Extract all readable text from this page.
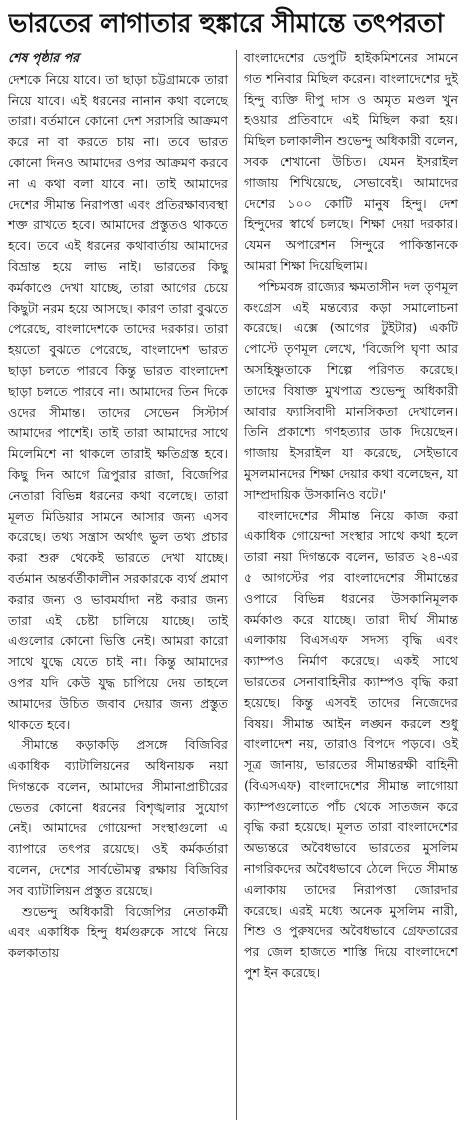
ভারতের লাগাতার হুঙ্কারে সীমান্তে তৎপরতা
শেষ পৃষ্ঠার পর

দেশকে নিয়ে যাবে। তা ছাড়া চট্টগ্রামকে তারা নিয়ে যাবে। এই ধরনের নানান কথা বলেছে তারা। বর্তমানে কোনো দেশ সরাসরি আক্রমণ করে না বা করতে চায় না। তবে ভারত কোনো দিনও আমাদের ওপর আক্রমণ করবে না এ কথা বলা যাবে না। তাই আমাদের দেশের সীমান্ত নিরাপত্তা এবং প্রতিরক্ষাব্যবস্থা শক্ত রাখতে হবে। আমাদের প্রস্তুতও থাকতে হবে। তবে এই ধরনের কথাবার্তায় আমাদের বিভ্রান্ত হয়ে লাভ নাই। ভারতের কিছু কর্মকাণ্ডে দেখা যাচ্ছে, তারা আগের চেয়ে কিছুটা নরম হয়ে আসছে। কারণ তারা বুঝতে পেরেছে, বাংলাদেশকে তাদের দরকার। তারা হয়তো বুঝতে পেরেছে, বাংলাদেশ ভারত ছাড়া চলতে পারবে কিন্তু ভারত বাংলাদেশ ছাড়া চলতে পারবে না। আমাদের তিন দিকে ওদের সীমান্ত। তাদের সেভেন সিস্টার্স আমাদের পাশেই। তাই তারা আমাদের সাথে মিলেমিশে না থাকলে তারাই ক্ষতিগ্রস্ত হবে। কিছু দিন আগে ত্রিপুরার রাজা, বিজেপির নেতারা বিভিন্ন ধরনের কথা বলেছে। তারা মূলত মিডিয়ার সামনে আসার জন্য এসব করেছে। তথ্য সন্ত্রাস অর্থাৎ ভুল তথ্য প্রচার করা শুরু থেকেই ভারতে দেখা যাচ্ছে। বর্তমান অন্তর্বর্তীকালীন সরকারকে ব্যর্থ প্রমাণ করার জন্য ও ভাবমর্যাদা নষ্ট করার জন্য তারা এই চেষ্টা চালিয়ে যাচ্ছে। তাই এগুলোর কোনো ভিত্তি নেই। আমরা কারো সাথে যুদ্ধে যেতে চাই না। কিন্তু আমাদের ওপর যদি কেউ যুদ্ধ চাপিয়ে দেয় তাহলে আমাদের উচিত জবাব দেয়ার জন্য প্রস্তুত থাকতে হবে।

সীমান্তে কড়াকড়ি প্রসঙ্গে বিজিবির একাধিক ব্যাটালিয়নের অধিনায়ক নয়া দিগন্তকে বলেন, আমাদের সীমানাপ্রাচীরের ভেতর কোনো ধরনের বিশৃঙ্খলার সুযোগ নেই। আমাদের গোয়েন্দা সংস্থাগুলো এ ব্যাপারে তৎপর রয়েছে। ওই কর্মকর্তারা বলেন, দেশের সার্বভৌমত্ব রক্ষায় বিজিবির সব ব্যাটালিয়ন প্রস্তুত রয়েছে।

শুভেন্দু অধিকারী বিজেপির নেতাকর্মী এবং একাধিক হিন্দু ধর্মগুরুকে সাথে নিয়ে কলকাতায়

বাংলাদেশের ডেপুটি হাইকমিশনের সামনে গত শনিবার মিছিল করেন। বাংলাদেশের দুই হিন্দু ব্যক্তি দীপু দাস ও অমৃত মণ্ডল খুন হওয়ার প্রতিবাদে এই মিছিল করা হয়। মিছিল চলাকালীন শুভেন্দু অধিকারী বলেন, সবক শেখানো উচিত। যেমন ইসরাইল গাজায় শিখিয়েছে, সেভাবেই। আমাদের দেশের ১০০ কোটি মানুষ হিন্দু। দেশ হিন্দুদের স্বার্থে চলছে। শিক্ষা দেয়া দরকার। যেমন অপারেশন সিন্দুরে পাকিস্তানকে আমরা শিক্ষা দিয়েছিলাম।

পশ্চিমবঙ্গ রাজ্যের ক্ষমতাসীন দল তৃণমূল কংগ্রেস এই মন্তব্যের কড়া সমালোচনা করেছে। এক্সে (আগের টুইটার) একটি পোস্টে তৃণমূল লেখে, 'বিজেপি ঘৃণা আর অসহিষ্ণুতাকে শিল্পে পরিণত করেছে। তাদের বিষাক্ত মুখপাত্র শুভেন্দু অধিকারী আবার ফ্যাসিবাদী মানসিকতা দেখালেন। তিনি প্রকাশ্যে গণহত্যার ডাক দিয়েছেন। গাজায় ইসরাইল যা করেছে, সেইভাবে মুসলমানদের শিক্ষা দেয়ার কথা বলেছেন, যা সাম্প্রদায়িক উসকানিও বটে।'

বাংলাদেশের সীমান্ত নিয়ে কাজ করা একাধিক গোয়েন্দা সংস্থার সাথে কথা হলে তারা নয়া দিগন্তকে বলেন, ভারত ২৪-এর ৫ আগস্টের পর বাংলাদেশের সীমান্তের ওপারে বিভিন্ন ধরনের উসকানিমূলক কর্মকাণ্ড করে যাচ্ছে। তারা দীর্ঘ সীমান্ত এলাকায় বিএসএফ সদস্য বৃদ্ধি এবং ক্যাম্পও নির্মাণ করেছে। একই সাথে ভারতের সেনাবাহিনীর ক্যাম্পও বৃদ্ধি করা হয়েছে। কিন্তু এসবই তাদের নিজেদের বিষয়। সীমান্ত আইন লঙ্ঘন করলে শুধু বাংলাদেশ নয়, তারাও বিপদে পড়বে। ওই সূত্র জানায়, ভারতের সীমান্তরক্ষী বাহিনী (বিএসএফ) বাংলাদেশের সীমান্ত লাগোয়া ক্যাম্পগুলোতে পাঁচ থেকে সাতজন করে বৃদ্ধি করা হয়েছে। মূলত তারা বাংলাদেশের অভ্যন্তরে অবৈধভাবে ভারতের মুসলিম নাগরিকদের অবৈধভাবে ঠেলে দিতে সীমান্ত এলাকায় তাদের নিরাপত্তা জোরদার করেছে। এরই মধ্যে অনেক মুসলিম নারী, শিশু ও পুরুষদের অবৈধভাবে গ্রেফতারের পর জেল হাজতে শাস্তি দিয়ে বাংলাদেশে পুশ ইন করেছে।
